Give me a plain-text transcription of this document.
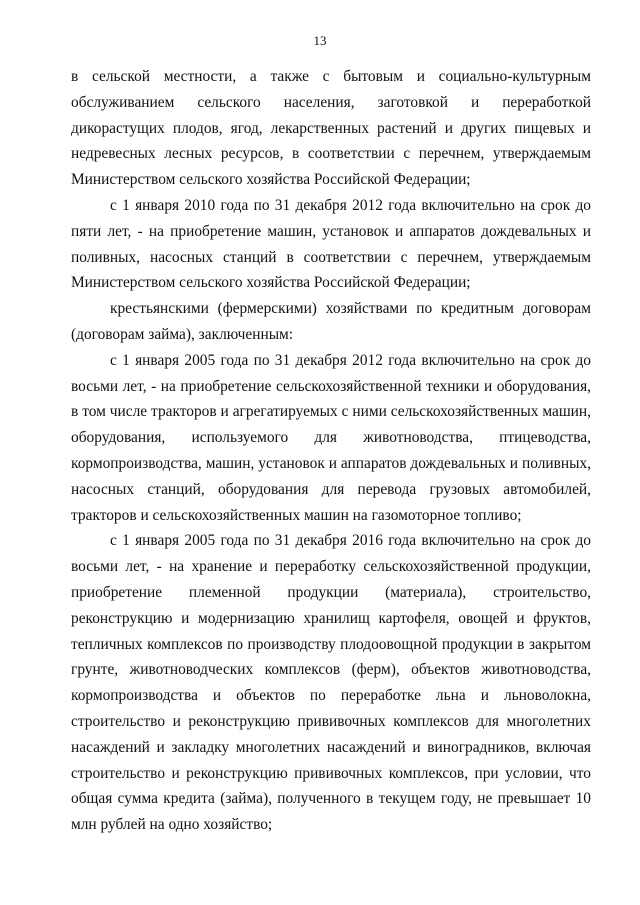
13

в сельской местности, а также с бытовым и социально-культурным обслуживанием сельского населения, заготовкой и переработкой дикорастущих плодов, ягод, лекарственных растений и других пищевых и недревесных лесных ресурсов, в соответствии с перечнем, утверждаемым Министерством сельского хозяйства Российской Федерации;

с 1 января 2010 года по 31 декабря 2012 года включительно на срок до пяти лет, - на приобретение машин, установок и аппаратов дождевальных и поливных, насосных станций в соответствии с перечнем, утверждаемым Министерством сельского хозяйства Российской Федерации;

крестьянскими (фермерскими) хозяйствами по кредитным договорам (договорам займа), заключенным:

с 1 января 2005 года по 31 декабря 2012 года включительно на срок до восьми лет, - на приобретение сельскохозяйственной техники и оборудования, в том числе тракторов и агрегатируемых с ними сельскохозяйственных машин, оборудования, используемого для животноводства, птицеводства, кормопроизводства, машин, установок и аппаратов дождевальных и поливных, насосных станций, оборудования для перевода грузовых автомобилей, тракторов и сельскохозяйственных машин на газомоторное топливо;

с 1 января 2005 года по 31 декабря 2016 года включительно на срок до восьми лет, - на хранение и переработку сельскохозяйственной продукции, приобретение племенной продукции (материала), строительство, реконструкцию и модернизацию хранилищ картофеля, овощей и фруктов, тепличных комплексов по производству плодоовощной продукции в закрытом грунте, животноводческих комплексов (ферм), объектов животноводства, кормопроизводства и объектов по переработке льна и льноволокна, строительство и реконструкцию прививочных комплексов для многолетних насаждений и закладку многолетних насаждений и виноградников, включая строительство и реконструкцию прививочных комплексов, при условии, что общая сумма кредита (займа), полученного в текущем году, не превышает 10 млн рублей на одно хозяйство;
